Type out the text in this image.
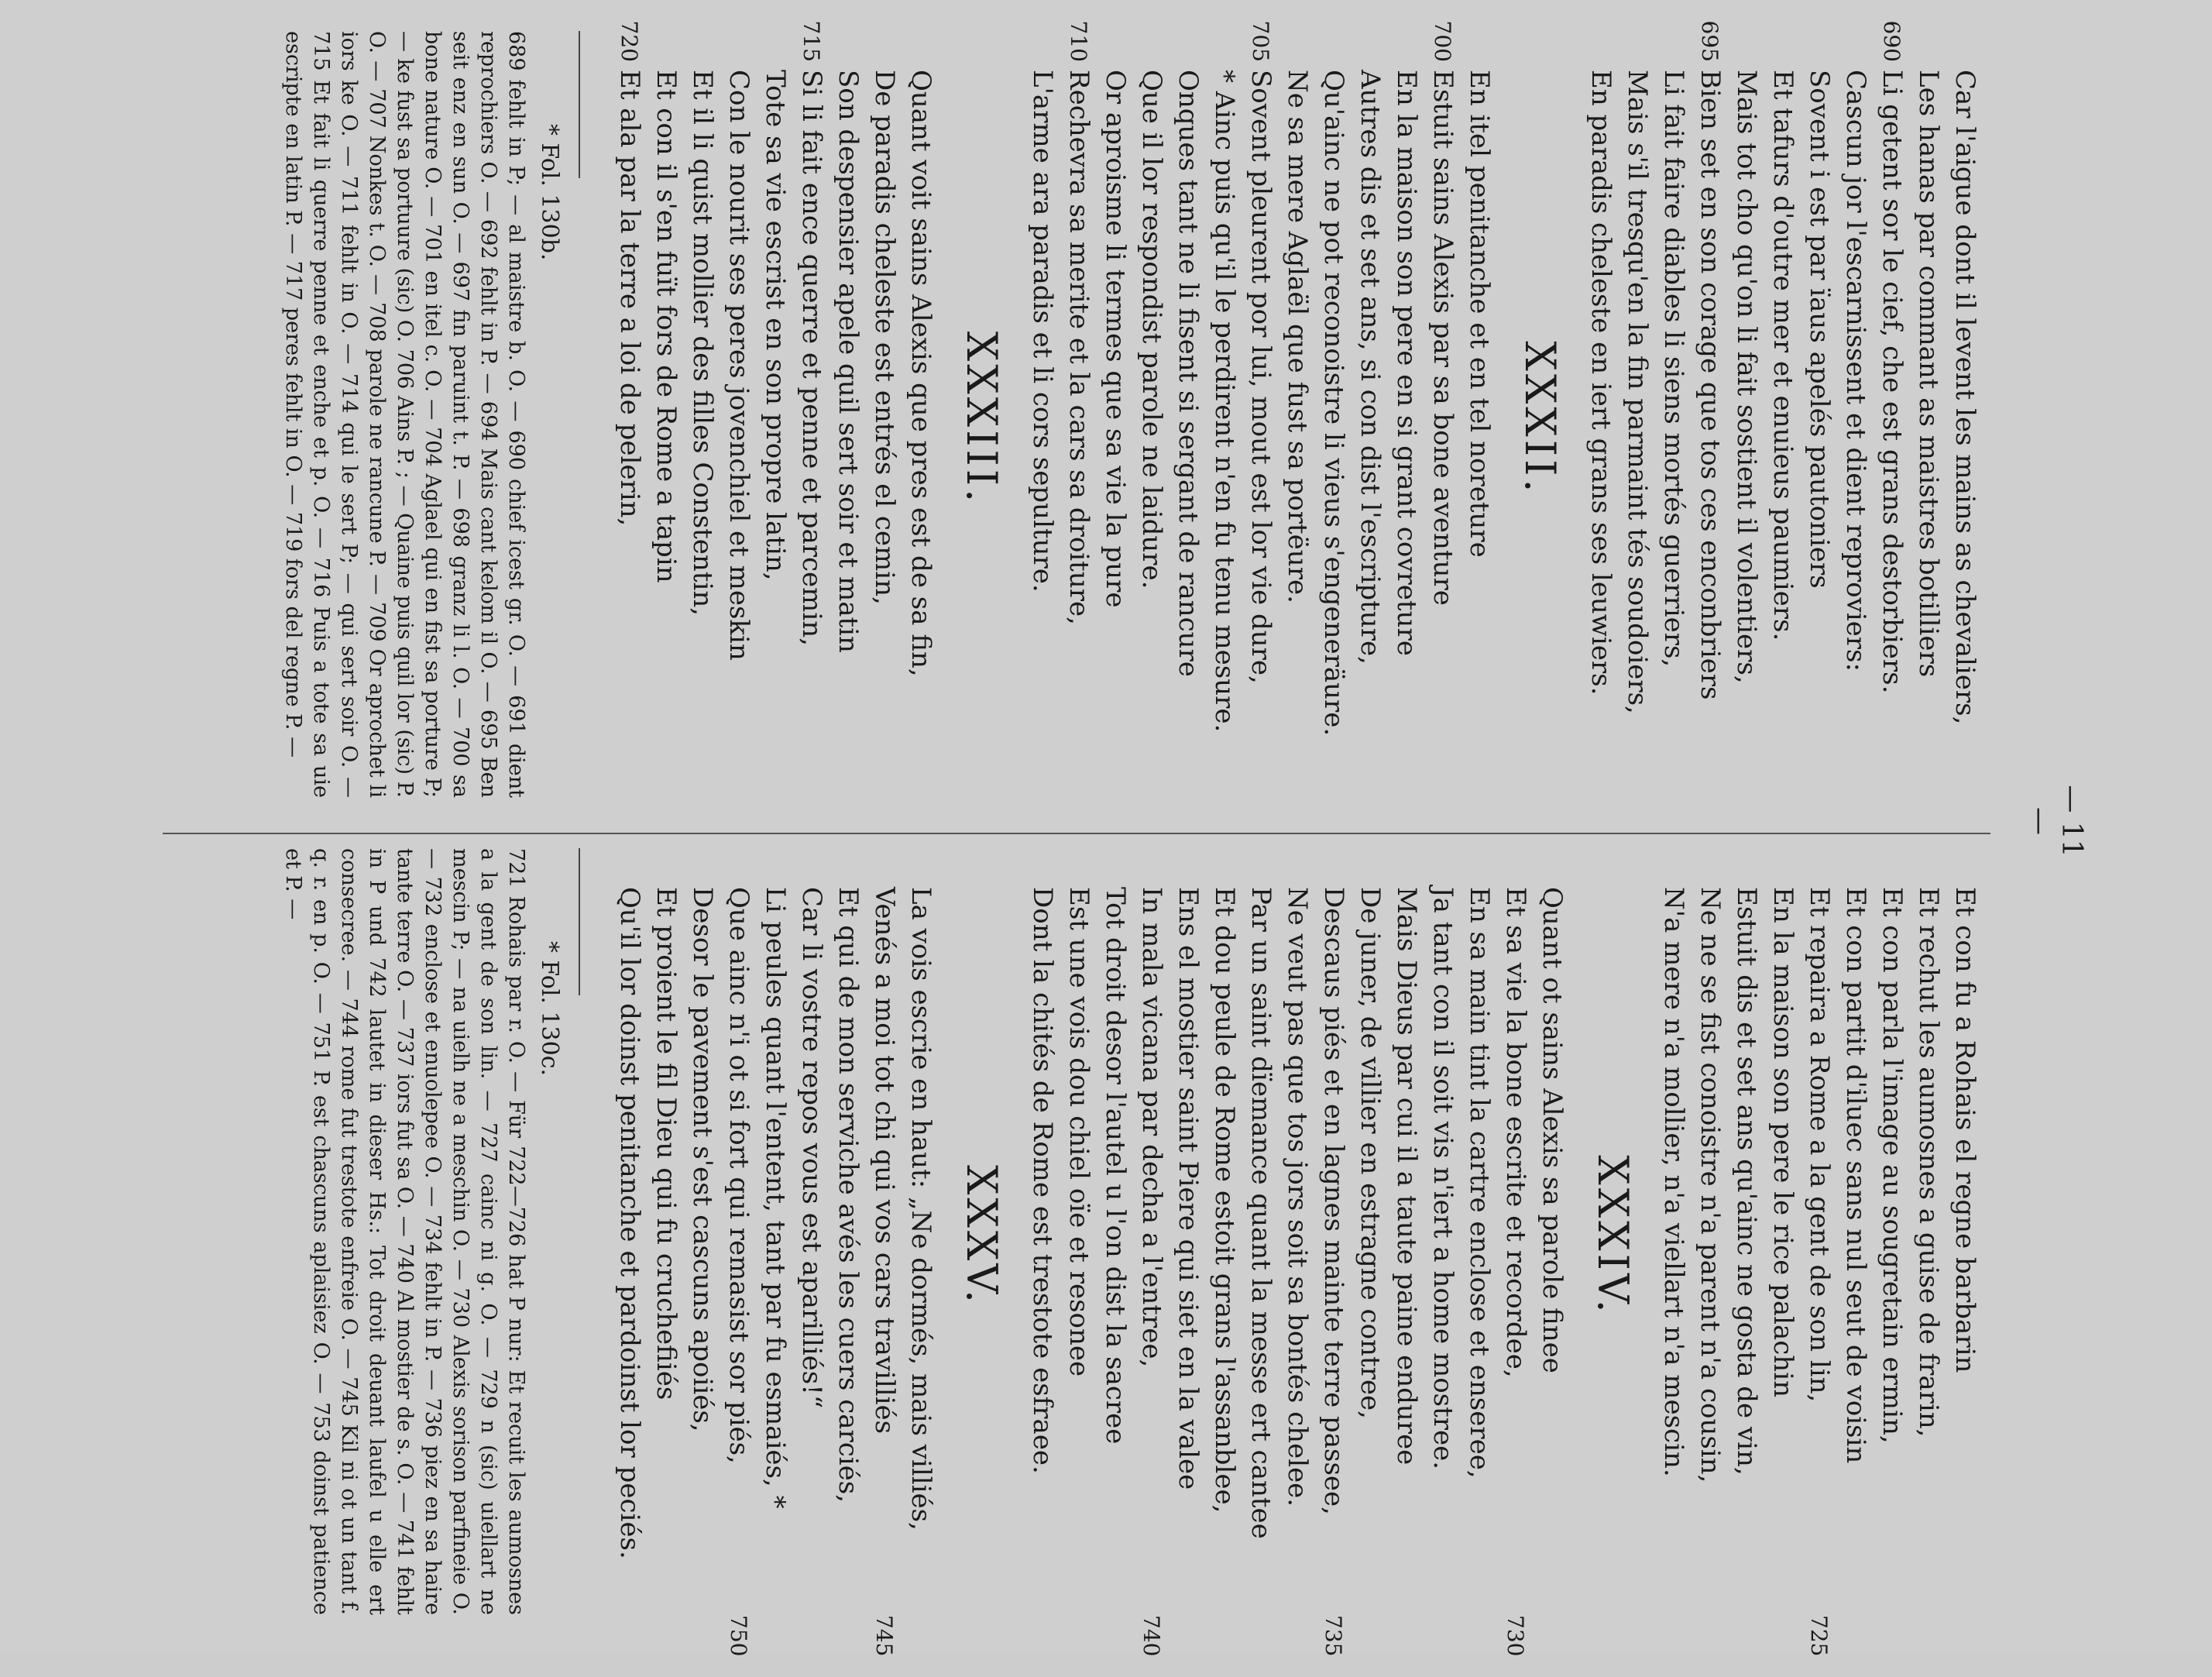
— 11 —
Car l'aigue dont il levent les mains as chevaliers,
Les hanas par commant as maistres botilliers
690
Li getent sor le cief, che est grans destorbiers.
Cascun jor l'escarnissent et dient reproviers:
Sovent i est par ïaus apelés pautoniers
Et tafurs d'outre mer et enuieus paumiers.
Mais tot cho qu'on li fait sostient il volentiers,
695
Bien set en son corage que tos ces enconbriers
Li fait faire diables li siens mortés guerriers,
Mais s'il tresqu'en la fin parmaint tés soudoiers,
En paradis cheleste en iert grans ses leuwiers.
XXXII.
En itel penitanche et en tel noreture
700
Estuit sains Alexis par sa bone aventure
En la maison son pere en si grant covreture
Autres dis et set ans, si con dist l'escripture,
Qu'ainc ne pot reconoistre li vieus s'engeneräure.
Ne sa mere Aglaël que fust sa portëure.
705
Sovent pleurent por lui, mout est lor vie dure,
* Ainc puis qu'il le perdirent n'en fu tenu mesure.
Onques tant ne li fisent si sergant de rancure
Que il lor respondist parole ne laidure.
Or aproisme li termes que sa vie la pure
710
Rechevra sa merite et la cars sa droiture,
L'arme ara paradis et li cors sepulture.
XXXIII.
Quant voit sains Alexis que pres est de sa fin,
De paradis cheleste est entrés el cemin,
Son despensier apele quil sert soir et matin
715
Si li fait ence querre et penne et parcemin,
Tote sa vie escrist en son propre latin,
Con le nourit ses peres jovenchiel et meskin
Et il li quist mollier des filles Constentin,
Et con il s'en fuït fors de Rome a tapin
720
Et ala par la terre a loi de pelerin,
* Fol. 130b.
689 fehlt in P; — al maistre b. O. — 690 chief icest gr. O. — 691 dient reprochiers O. — 692 fehlt in P. — 694 Mais cant kelom il O. — 695 Ben seit enz en sun O. — 697 fin paruint t. P. — 698 granz li l. O. — 700 sa bone nature O. — 701 en itel c. O. — 704 Aglael qui en fist sa porture P; — ke fust sa portuure (sic) O. 706 Ains P. ; — Quaine puis quil lor (sic) P. O. — 707 Nonkes t. O. — 708 parole ne rancune P. — 709 Or aprochet li iors ke O. — 711 fehlt in O. — 714 qui le sert P; — qui sert soir O. — 715 Et fait li querre penne et enche et p. O. — 716 Puis a tote sa uie escripte en latin P. — 717 peres fehlt in O. — 719 fors del regne P. —
Et con fu a Rohais el regne barbarin
Et rechut les aumosnes a guise de frarin,
Et con parla l'image au sougretain ermin,
Et con partit d'iluec sans nul seut de voisin
725
Et repaira a Rome a la gent de son lin,
En la maison son pere le rice palachin
Estuit dis et set ans qu'ainc ne gosta de vin,
Ne ne se fist conoistre n'a parent n'a cousin,
N'a mere n'a mollier, n'a viellart n'a mescin.
XXXIV.
Quant ot sains Alexis sa parole finee
730
Et sa vie la bone escrite et recordee,
En sa main tint la cartre enclose et enseree,
Ja tant con il soit vis n'iert a home mostree.
Mais Dieus par cui il a taute paine enduree
De juner, de villier en estragne contree,
735
Descaus piés et en lagnes mainte terre passee,
Ne veut pas que tos jors soit sa bontés chelee.
Par un saint dïemance quant la messe ert cantee
Et dou peule de Rome estoit grans l'assanblee,
Ens el mostier saint Piere qui siet en la valee
740
In mala vicana par decha a l'entree,
Tot droit desor l'autel u l'on dist la sacree
Est une vois dou chiel oïe et resonee
Dont la chités de Rome est trestote esfraee.
XXXV.
La vois escrie en haut: „Ne dormés, mais villiés,
745
Venés a moi tot chi qui vos cars travilliés
Et qui de mon serviche avés les cuers carciés,
Car li vostre repos vous est aparilliés!“
Li peules quant l'entent, tant par fu esmaiés, *
750
Que ainc n'i ot si fort qui remasist sor piés,
Desor le pavement s'est cascuns apoiiés,
Et proient le fil Dieu qui fu cruchefiiés
Qu'il lor doinst penitanche et pardoinst lor peciés.
* Fol. 130c.
721 Rohais par r. O. — Für 722—726 hat P nur: Et recuit les aumosnes a la gent de son lin. — 727 cainc ni g. O. — 729 n (sic) uiellart ne mescin P; — na uielh ne a meschin O. — 730 Alexis sorison parfineie O. — 732 enclose et enuolepee O. — 734 fehlt in P. — 736 piez en sa haire tante terre O. — 737 iors fut sa O. — 740 Al mostier de s. O. — 741 fehlt in P und 742 lautet in dieser Hs.: Tot droit deuant laufel u elle ert consecree. — 744 rome fut trestote enfreie O. — 745 Kil ni ot un tant f. q. r. en p. O. — 751 P. est chascuns aplaisiez O. — 753 doinst patience et P. —
